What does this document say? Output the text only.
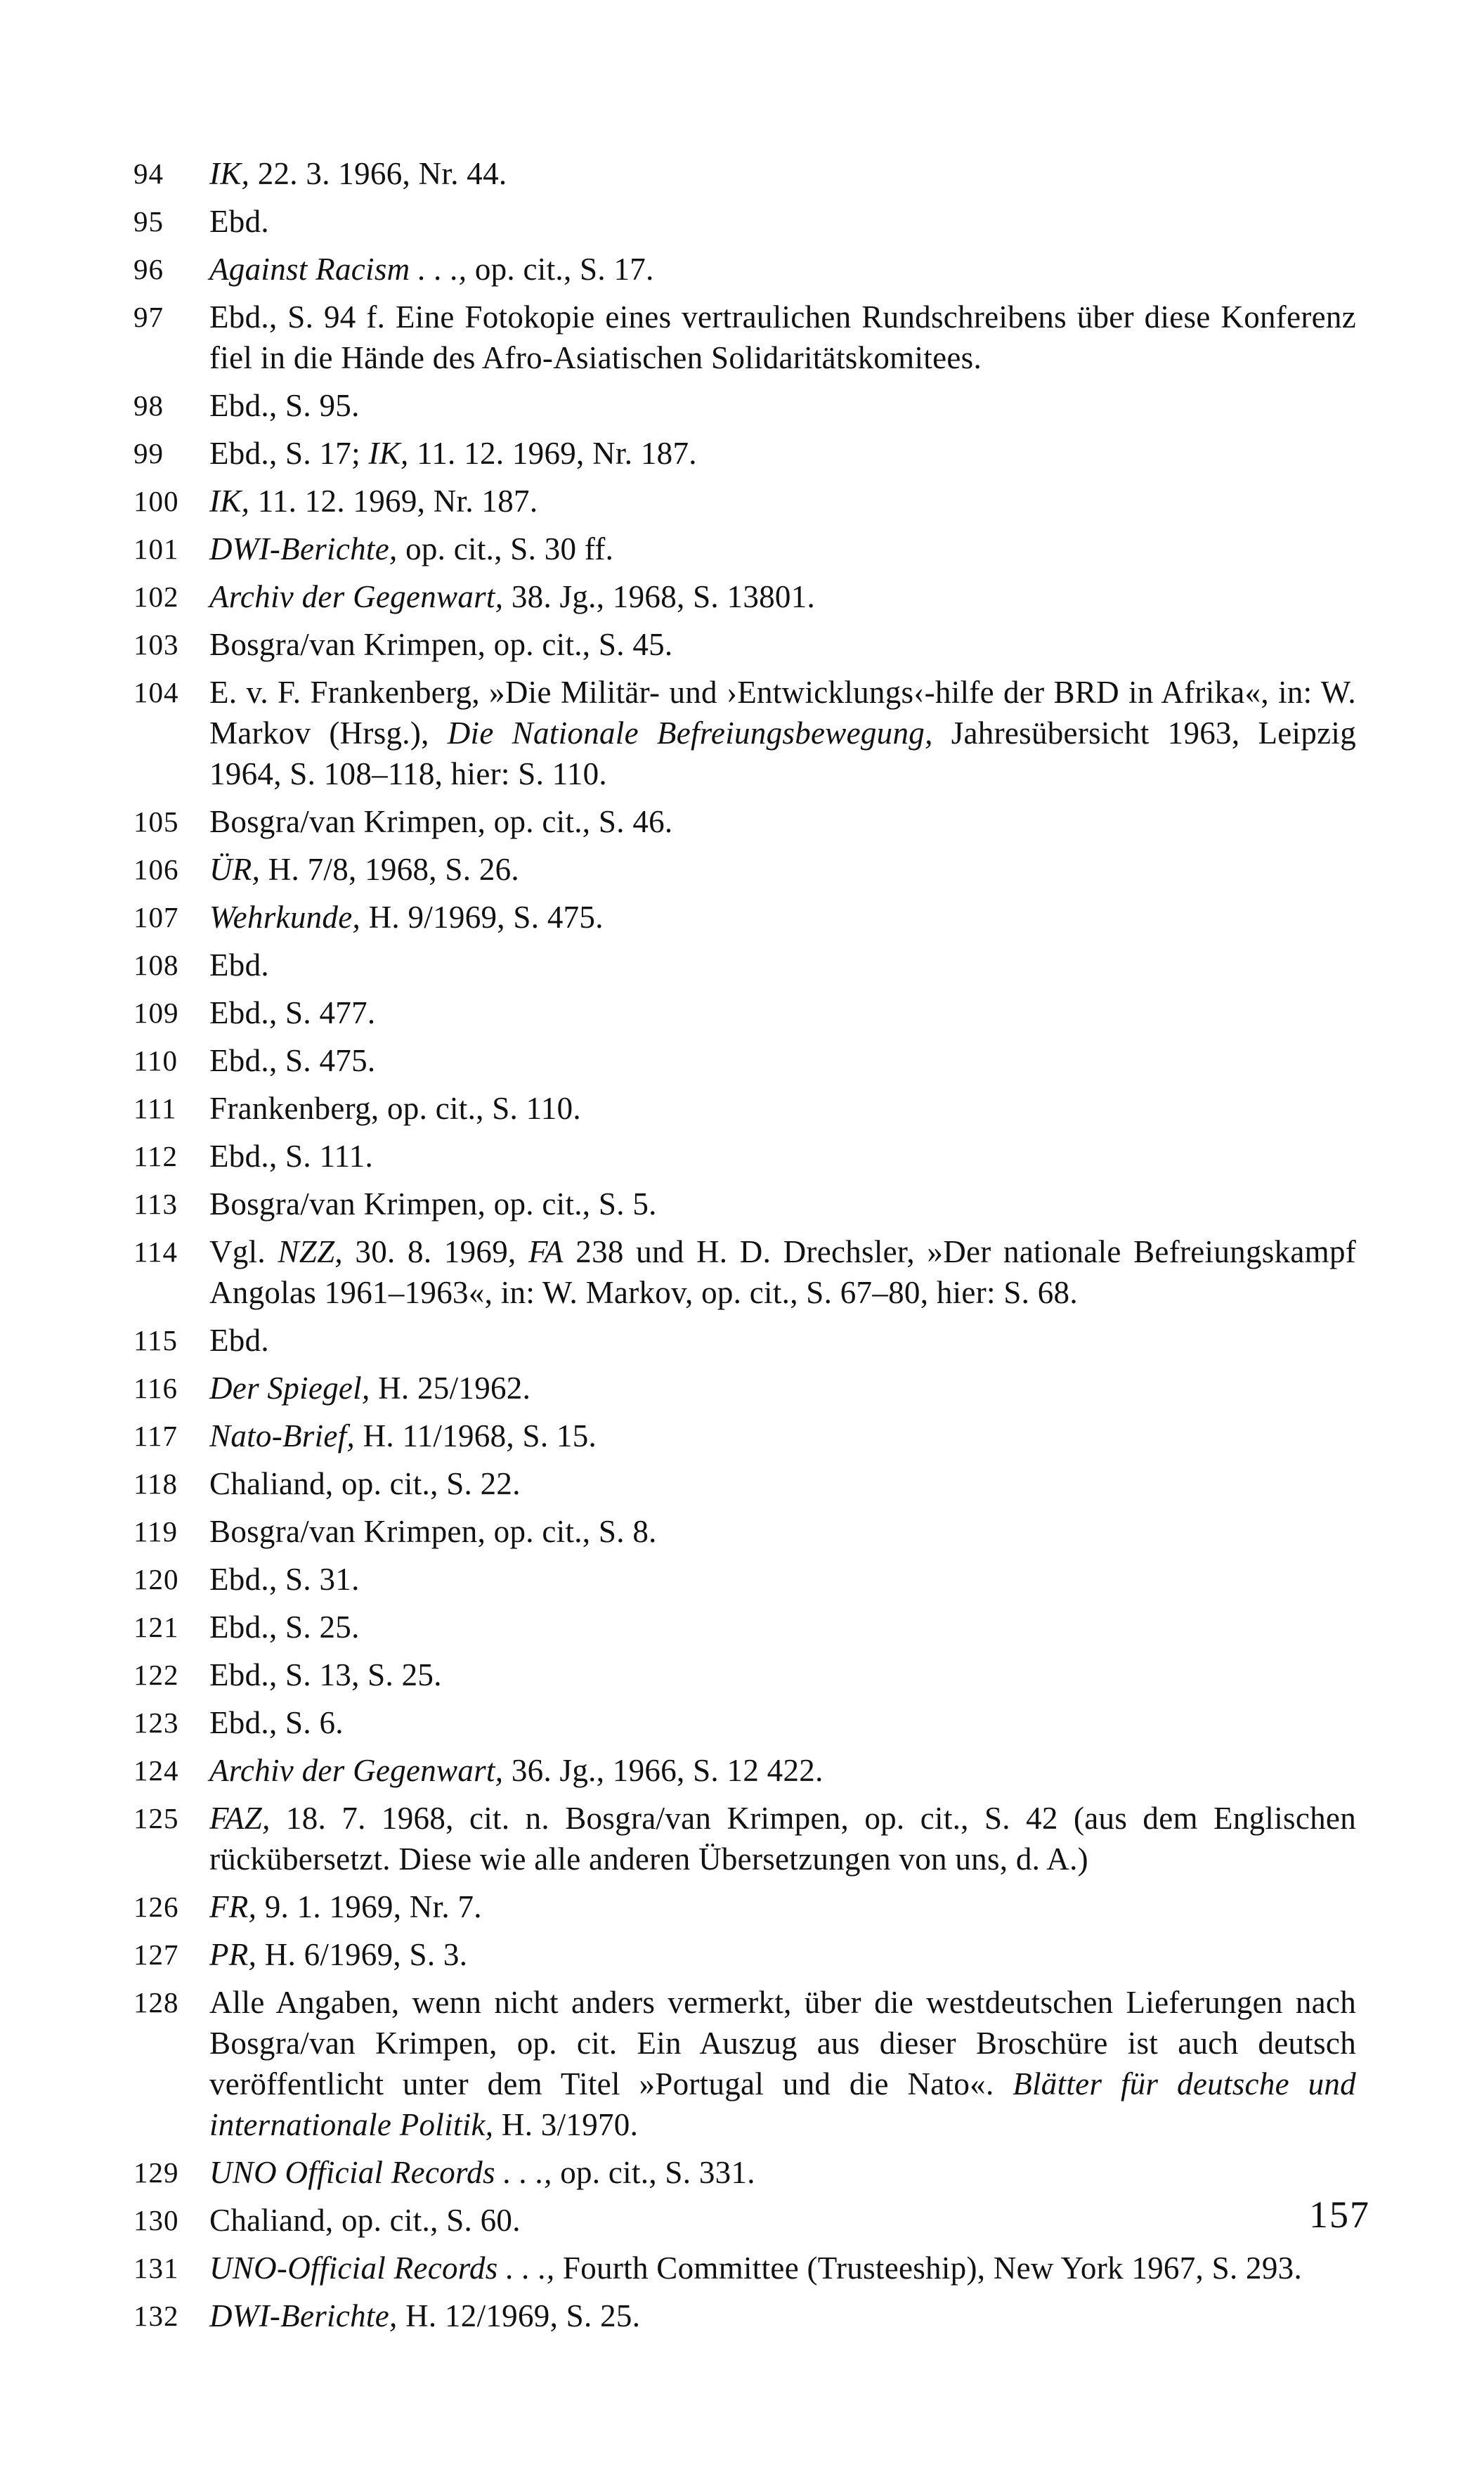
94	IK, 22. 3. 1966, Nr. 44.
95	Ebd.
96	Against Racism . . ., op. cit., S. 17.
97	Ebd., S. 94 f. Eine Fotokopie eines vertraulichen Rundschreibens über diese Konferenz fiel in die Hände des Afro-Asiatischen Solidaritätskomitees.
98	Ebd., S. 95.
99	Ebd., S. 17; IK, 11. 12. 1969, Nr. 187.
100 IK, 11. 12. 1969, Nr. 187.
101 DWI-Berichte, op. cit., S. 30 ff.
102 Archiv der Gegenwart, 38. Jg., 1968, S. 13801.
103 Bosgra/van Krimpen, op. cit., S. 45.
104 E. v. F. Frankenberg, »Die Militär- und ›Entwicklungs‹-hilfe der BRD in Afrika«, in: W. Markov (Hrsg.), Die Nationale Befreiungsbewegung, Jahresübersicht 1963, Leipzig 1964, S. 108–118, hier: S. 110.
105 Bosgra/van Krimpen, op. cit., S. 46.
106 ÜR, H. 7/8, 1968, S. 26.
107 Wehrkunde, H. 9/1969, S. 475.
108 Ebd.
109 Ebd., S. 477.
110	Ebd., S. 475.
111	Frankenberg, op. cit., S. 110.
112	Ebd., S. 111.
113	Bosgra/van Krimpen, op. cit., S. 5.
114	Vgl. NZZ, 30. 8. 1969, FA 238 und H. D. Drechsler, »Der nationale Befreiungskampf Angolas 1961–1963«, in: W. Markov, op. cit., S. 67–80, hier: S. 68.
115	Ebd.
116	Der Spiegel, H. 25/1962.
117	Nato-Brief, H. 11/1968, S. 15.
118	Chaliand, op. cit., S. 22.
119	Bosgra/van Krimpen, op. cit., S. 8.
120 Ebd., S. 31.
121 Ebd., S. 25.
122 Ebd., S. 13, S. 25.
123 Ebd., S. 6.
124 Archiv der Gegenwart, 36. Jg., 1966, S. 12 422.
125 FAZ, 18. 7. 1968, cit. n. Bosgra/van Krimpen, op. cit., S. 42 (aus dem Englischen rückübersetzt. Diese wie alle anderen Übersetzungen von uns, d. A.)
126 FR, 9. 1. 1969, Nr. 7.
127 PR, H. 6/1969, S. 3.
128 Alle Angaben, wenn nicht anders vermerkt, über die westdeutschen Lieferungen nach Bosgra/van Krimpen, op. cit. Ein Auszug aus dieser Broschüre ist auch deutsch veröffentlicht unter dem Titel »Portugal und die Nato«. Blätter für deutsche und internationale Politik, H. 3/1970.
129 UNO Official Records . . ., op. cit., S. 331.
130 Chaliand, op. cit., S. 60.
131 UNO-Official Records . . ., Fourth Committee (Trusteeship), New York 1967, S. 293.
132 DWI-Berichte, H. 12/1969, S. 25.
157
